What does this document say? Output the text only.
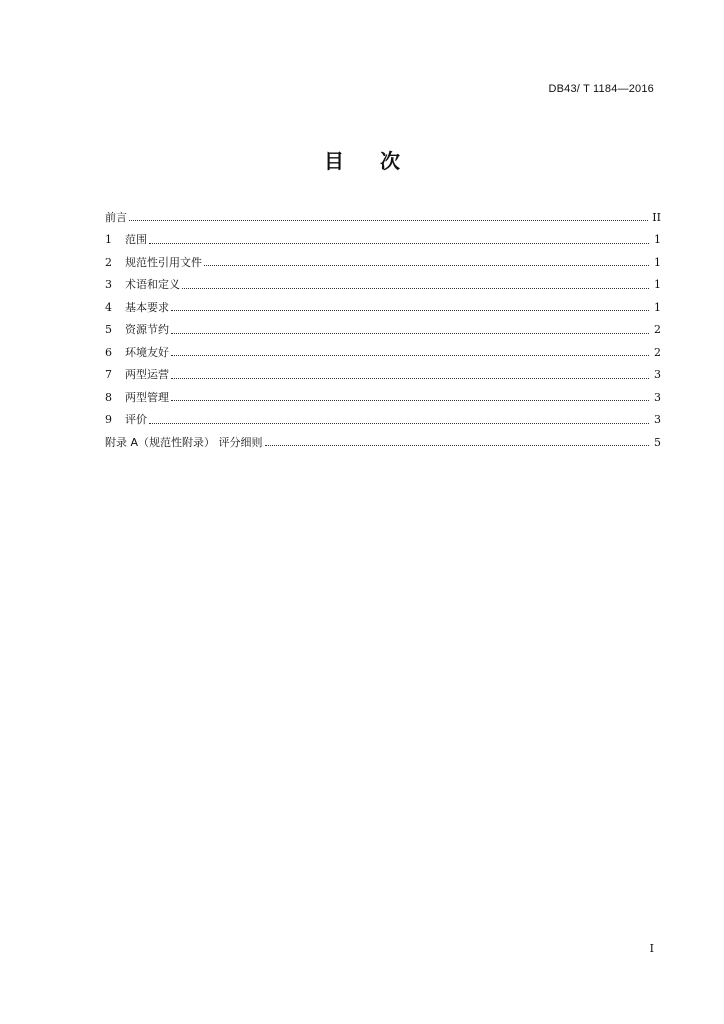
DB43/ T 1184—2016
目次
前言	II
1	范围	1
2	规范性引用文件	1
3	术语和定义	1
4	基本要求	1
5	资源节约	2
6	环境友好	2
7	两型运营	3
8	两型管理	3
9	评价	3
附录 A（规范性附录） 评分细则	5
I
